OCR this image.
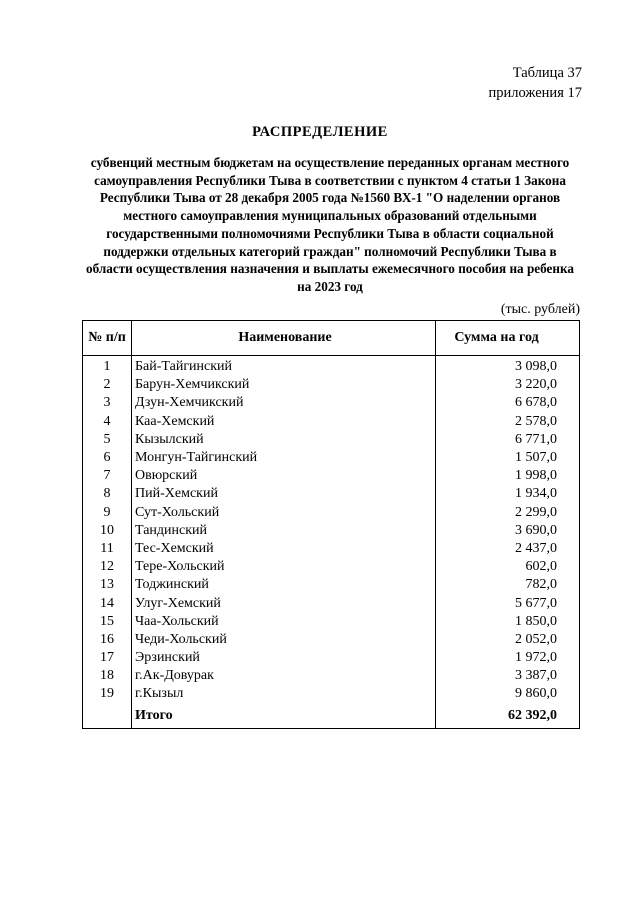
Таблица 37
приложения 17
РАСПРЕДЕЛЕНИЕ
субвенций местным бюджетам на осуществление переданных органам местного самоуправления Республики Тыва в соответствии с пунктом 4 статьи 1 Закона Республики Тыва от 28 декабря 2005 года №1560 ВХ-1 "О наделении органов местного самоуправления муниципальных образований отдельными государственными полномочиями Республики Тыва в области социальной поддержки отдельных категорий граждан" полномочий Республики Тыва в области осуществления назначения и выплаты ежемесячного пособия на ребенка на 2023 год
(тыс. рублей)
№ п/п	Наименование	Сумма на год
1	Бай-Тайгинский	3 098,0
2	Барун-Хемчикский	3 220,0
3	Дзун-Хемчикский	6 678,0
4	Каа-Хемский	2 578,0
5	Кызылский	6 771,0
6	Монгун-Тайгинский	1 507,0
7	Овюрский	1 998,0
8	Пий-Хемский	1 934,0
9	Сут-Хольский	2 299,0
10	Тандинский	3 690,0
11	Тес-Хемский	2 437,0
12	Тере-Хольский	602,0
13	Тоджинский	782,0
14	Улуг-Хемский	5 677,0
15	Чаа-Хольский	1 850,0
16	Чеди-Хольский	2 052,0
17	Эрзинский	1 972,0
18	г.Ак-Довурак	3 387,0
19	г.Кызыл	9 860,0
	Итого	62 392,0
